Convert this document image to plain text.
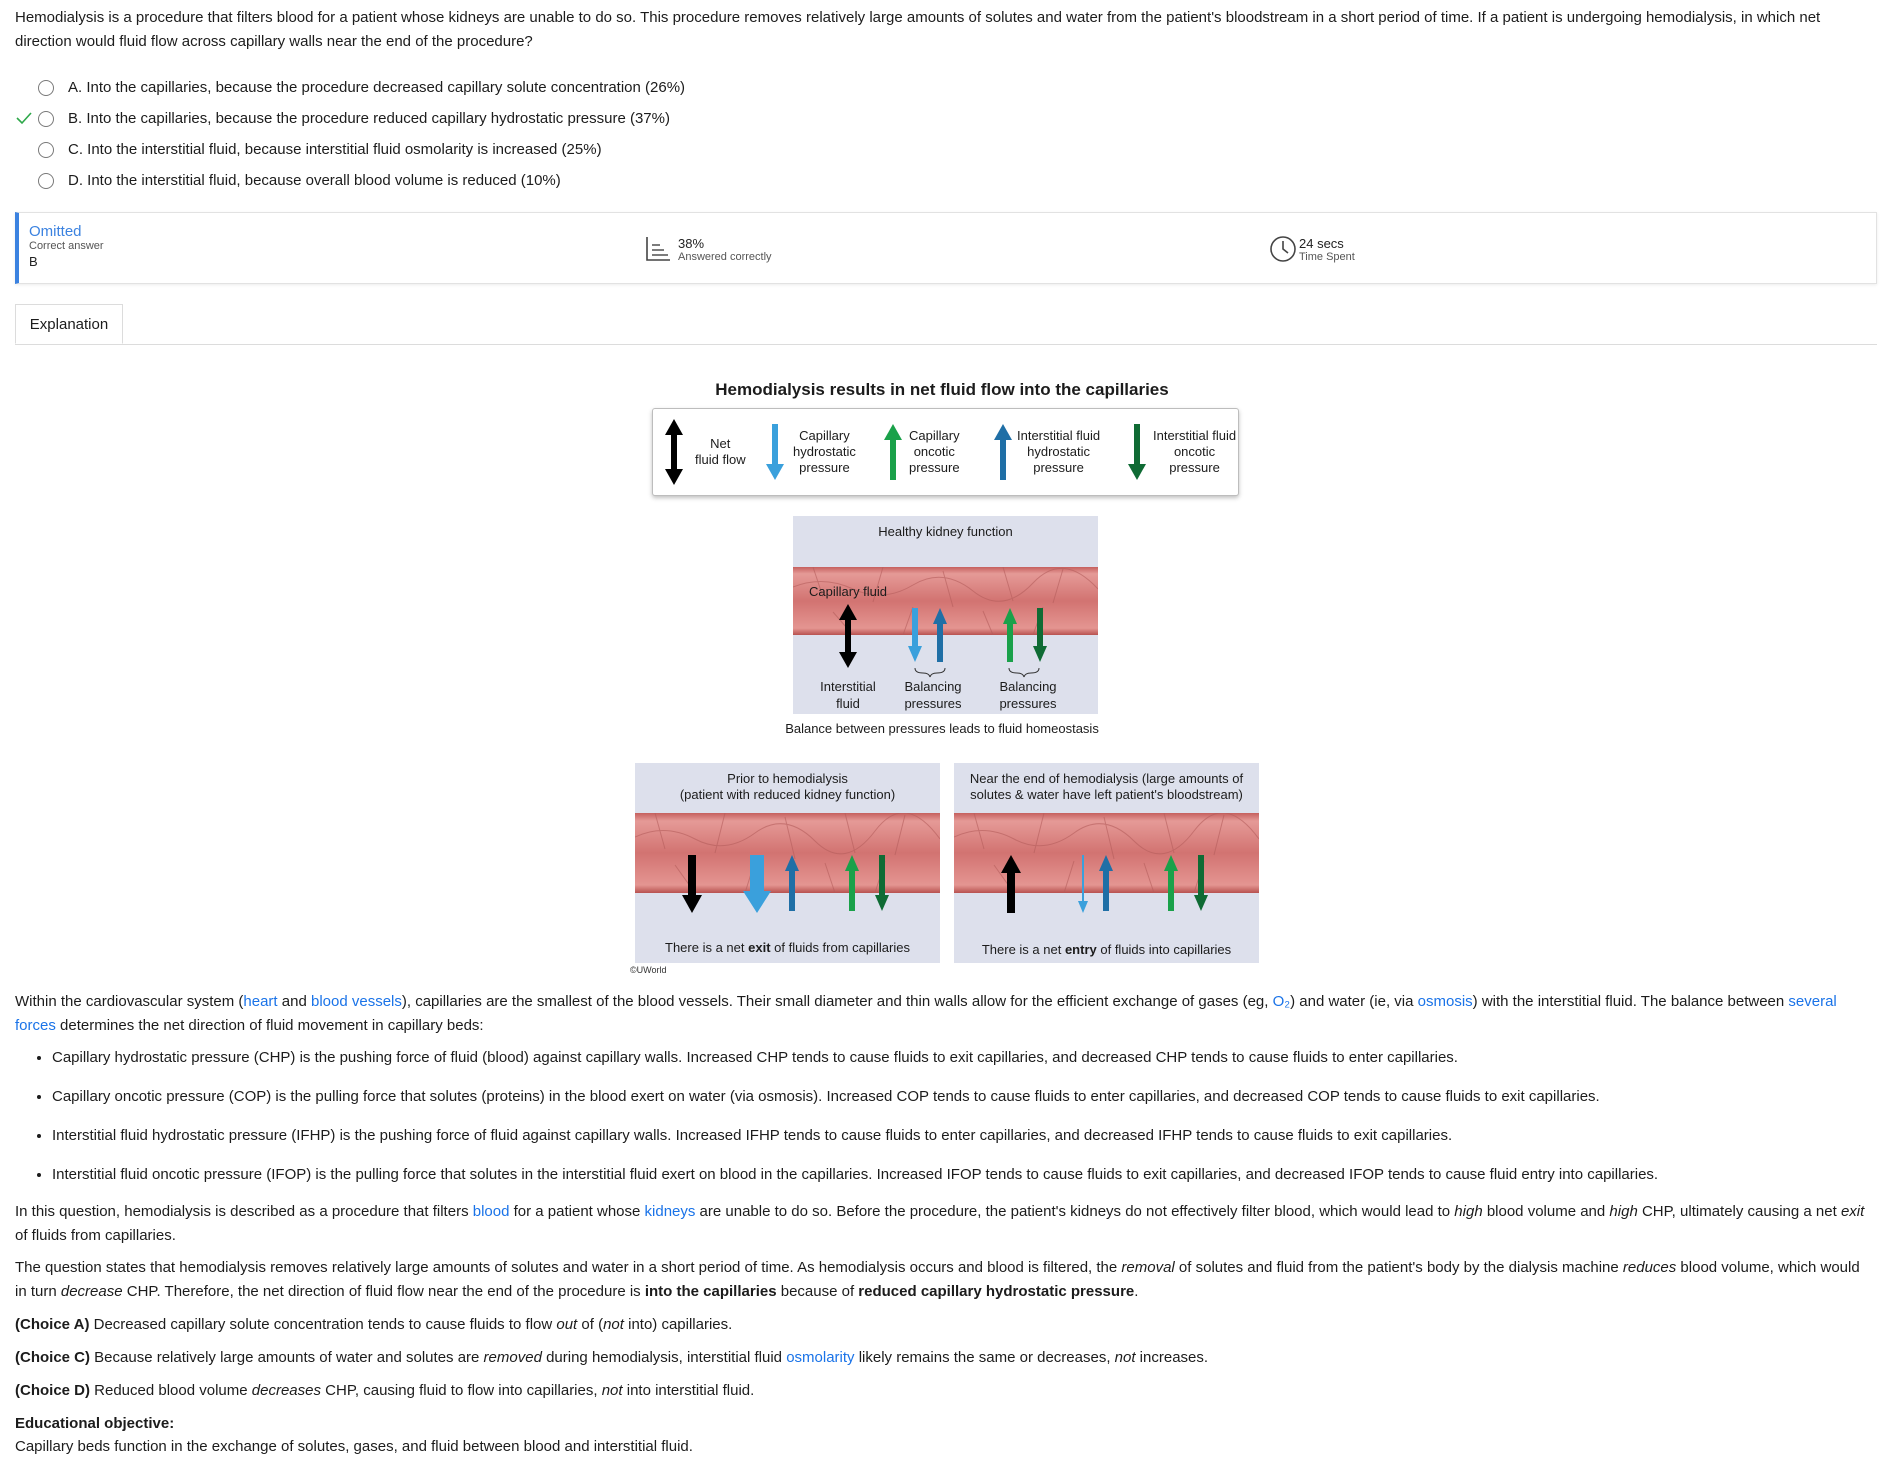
Hemodialysis is a procedure that filters blood for a patient whose kidneys are unable to do so. This procedure removes relatively large amounts of solutes and water from the patient's bloodstream in a short period of time. If a patient is undergoing hemodialysis, in which net direction would fluid flow across capillary walls near the end of the procedure?
A. Into the capillaries, because the procedure decreased capillary solute concentration (26%)
B. Into the capillaries, because the procedure reduced capillary hydrostatic pressure (37%)
C. Into the interstitial fluid, because interstitial fluid osmolarity is increased (25%)
D. Into the interstitial fluid, because overall blood volume is reduced (10%)
Omitted
Correct answer
B
38%
Answered correctly
24 secs
Time Spent
Explanation
Hemodialysis results in net fluid flow into the capillaries
Net
fluid flow
Capillary
hydrostatic
pressure
Capillary
oncotic
pressure
Interstitial fluid
hydrostatic
pressure
Interstitial fluid
oncotic
pressure
Healthy kidney function
Capillary fluid
Interstitial
fluid
Balancing
pressures
Balancing
pressures
Balance between pressures leads to fluid homeostasis
Prior to hemodialysis
(patient with reduced kidney function)
There is a net exit of fluids from capillaries
Near the end of hemodialysis (large amounts of
solutes & water have left patient's bloodstream)
There is a net entry of fluids into capillaries
©UWorld
Within the cardiovascular system (heart and blood vessels), capillaries are the smallest of the blood vessels. Their small diameter and thin walls allow for the efficient exchange of gases (eg, O₂) and water (ie, via osmosis) with the interstitial fluid. The balance between several forces determines the net direction of fluid movement in capillary beds:
• Capillary hydrostatic pressure (CHP) is the pushing force of fluid (blood) against capillary walls. Increased CHP tends to cause fluids to exit capillaries, and decreased CHP tends to cause fluids to enter capillaries.
• Capillary oncotic pressure (COP) is the pulling force that solutes (proteins) in the blood exert on water (via osmosis). Increased COP tends to cause fluids to enter capillaries, and decreased COP tends to cause fluids to exit capillaries.
• Interstitial fluid hydrostatic pressure (IFHP) is the pushing force of fluid against capillary walls. Increased IFHP tends to cause fluids to enter capillaries, and decreased IFHP tends to cause fluids to exit capillaries.
• Interstitial fluid oncotic pressure (IFOP) is the pulling force that solutes in the interstitial fluid exert on blood in the capillaries. Increased IFOP tends to cause fluids to exit capillaries, and decreased IFOP tends to cause fluid entry into capillaries.
In this question, hemodialysis is described as a procedure that filters blood for a patient whose kidneys are unable to do so. Before the procedure, the patient's kidneys do not effectively filter blood, which would lead to high blood volume and high CHP, ultimately causing a net exit of fluids from capillaries.
The question states that hemodialysis removes relatively large amounts of solutes and water in a short period of time. As hemodialysis occurs and blood is filtered, the removal of solutes and fluid from the patient's body by the dialysis machine reduces blood volume, which would in turn decrease CHP. Therefore, the net direction of fluid flow near the end of the procedure is into the capillaries because of reduced capillary hydrostatic pressure.
(Choice A) Decreased capillary solute concentration tends to cause fluids to flow out of (not into) capillaries.
(Choice C) Because relatively large amounts of water and solutes are removed during hemodialysis, interstitial fluid osmolarity likely remains the same or decreases, not increases.
(Choice D) Reduced blood volume decreases CHP, causing fluid to flow into capillaries, not into interstitial fluid.
Educational objective:
Capillary beds function in the exchange of solutes, gases, and fluid between blood and interstitial fluid.
